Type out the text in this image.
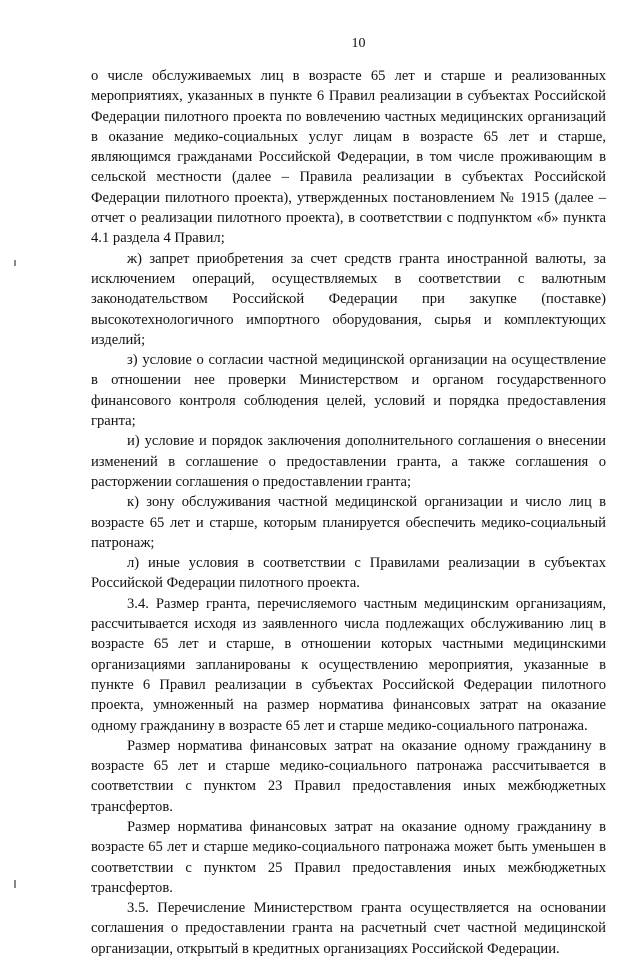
10

о числе обслуживаемых лиц в возрасте 65 лет и старше и реализованных мероприятиях, указанных в пункте 6 Правил реализации в субъектах Российской Федерации пилотного проекта по вовлечению частных медицинских организаций в оказание медико-социальных услуг лицам в возрасте 65 лет и старше, являющимся гражданами Российской Федерации, в том числе проживающим в сельской местности (далее – Правила реализации в субъектах Российской Федерации пилотного проекта), утвержденных постановлением № 1915 (далее – отчет о реализации пилотного проекта), в соответствии с подпунктом «б» пункта 4.1 раздела 4 Правил;

ж) запрет приобретения за счет средств гранта иностранной валюты, за исключением операций, осуществляемых в соответствии с валютным законодательством Российской Федерации при закупке (поставке) высокотехнологичного импортного оборудования, сырья и комплектующих изделий;

з) условие о согласии частной медицинской организации на осуществление в отношении нее проверки Министерством и органом государственного финансового контроля соблюдения целей, условий и порядка предоставления гранта;

и) условие и порядок заключения дополнительного соглашения о внесении изменений в соглашение о предоставлении гранта, а также соглашения о расторжении соглашения о предоставлении гранта;

к) зону обслуживания частной медицинской организации и число лиц в возрасте 65 лет и старше, которым планируется обеспечить медико-социальный патронаж;

л) иные условия в соответствии с Правилами реализации в субъектах Российской Федерации пилотного проекта.

3.4. Размер гранта, перечисляемого частным медицинским организациям, рассчитывается исходя из заявленного числа подлежащих обслуживанию лиц в возрасте 65 лет и старше, в отношении которых частными медицинскими организациями запланированы к осуществлению мероприятия, указанные в пункте 6 Правил реализации в субъектах Российской Федерации пилотного проекта, умноженный на размер норматива финансовых затрат на оказание одному гражданину в возрасте 65 лет и старше медико-социального патронажа.

Размер норматива финансовых затрат на оказание одному гражданину в возрасте 65 лет и старше медико-социального патронажа рассчитывается в соответствии с пунктом 23 Правил предоставления иных межбюджетных трансфертов.

Размер норматива финансовых затрат на оказание одному гражданину в возрасте 65 лет и старше медико-социального патронажа может быть уменьшен в соответствии с пунктом 25 Правил предоставления иных межбюджетных трансфертов.

3.5. Перечисление Министерством гранта осуществляется на основании соглашения о предоставлении гранта на расчетный счет частной медицинской организации, открытый в кредитных организациях Российской Федерации.
